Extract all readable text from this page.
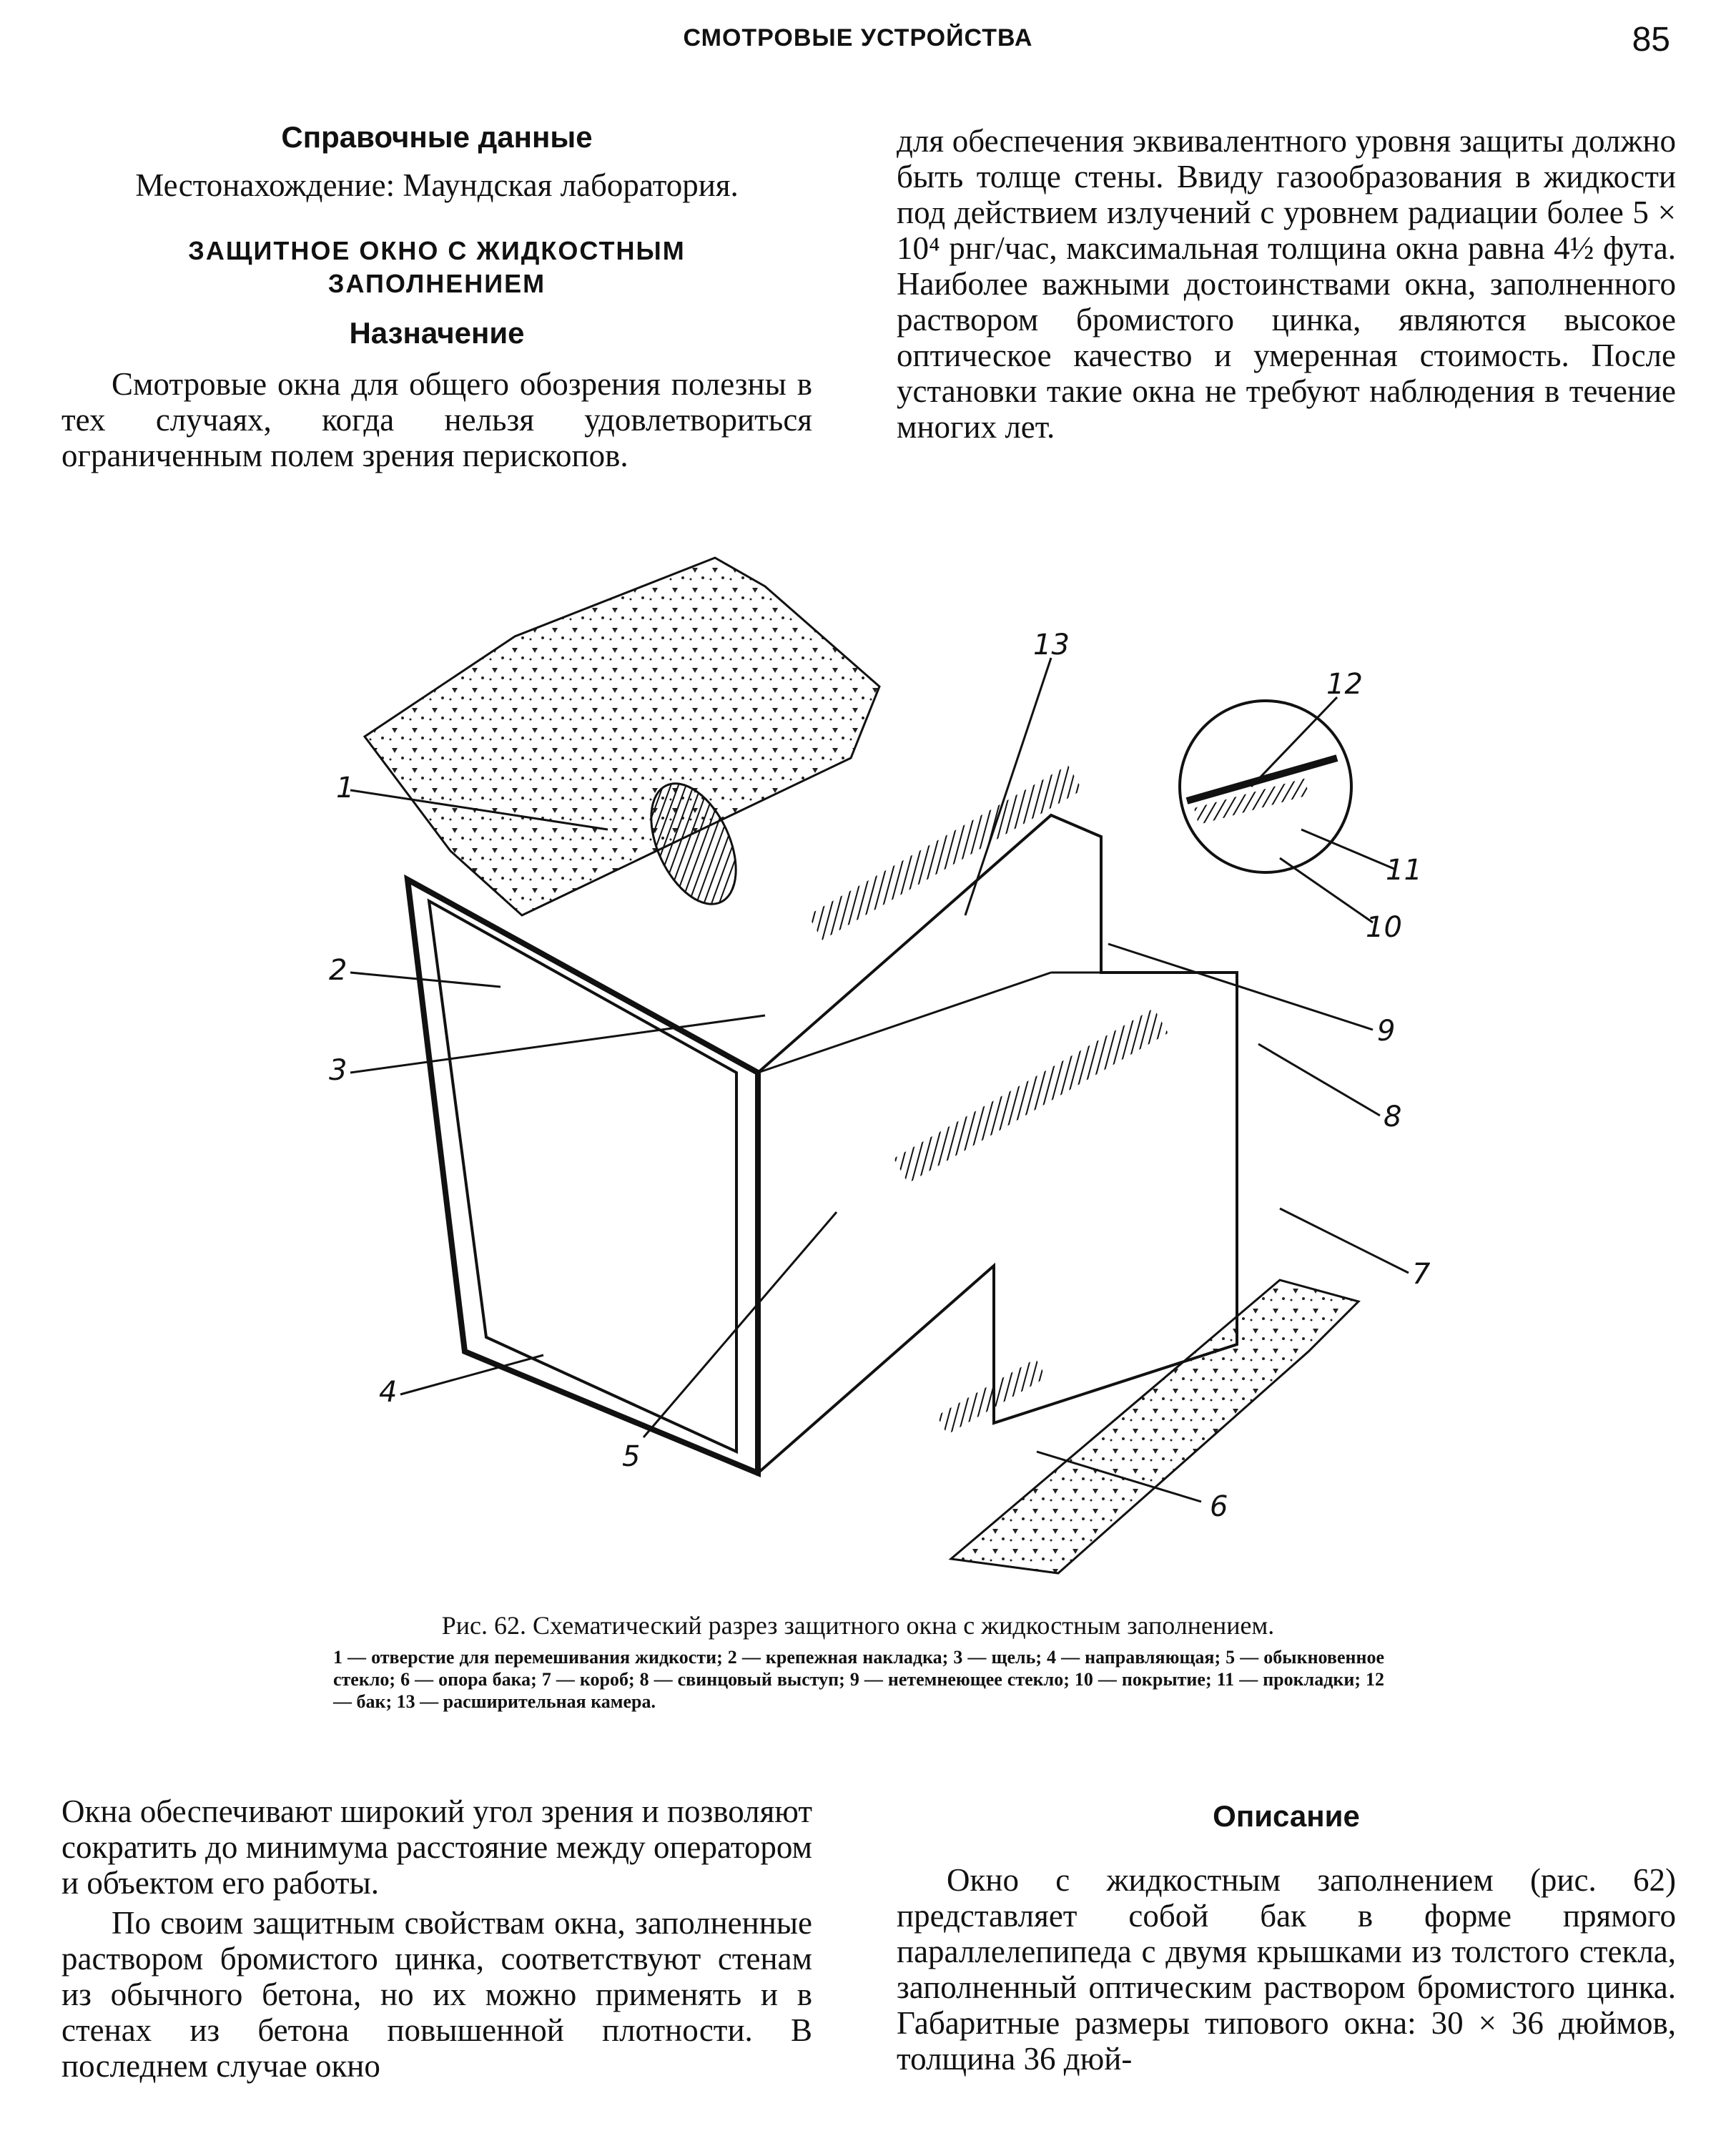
СМОТРОВЫЕ УСТРОЙСТВА	85

Справочные данные

Местонахождение: Маундская лаборатория.

ЗАЩИТНОЕ ОКНО С ЖИДКОСТНЫМ ЗАПОЛНЕНИЕМ

Назначение

Смотровые окна для общего обозрения полезны в тех случаях, когда нельзя удовлетвориться ограниченным полем зрения перископов.

для обеспечения эквивалентного уровня защиты должно быть толще стены. Ввиду газообразования в жидкости под действием излучений с уровнем радиации более 5 × 10⁴ рнг/час, максимальная толщина окна равна 4½ фута. Наиболее важными достоинствами окна, заполненного раствором бромистого цинка, являются высокое оптическое качество и умеренная стоимость. После установки такие окна не требуют наблюдения в течение многих лет.

1
2
3
4
5
6
7
8
9
10
11
12
13
Рис. 62. Схематический разрез защитного окна с жидкостным заполнением.
1 — отверстие для перемешивания жидкости; 2 — крепежная накладка; 3 — щель; 4 — направляющая; 5 — обыкновенное стекло; 6 — опора бака; 7 — короб; 8 — свинцовый выступ; 9 — нетемнеющее стекло; 10 — покрытие; 11 — прокладки; 12 — бак; 13 — расширительная камера.

Окна обеспечивают широкий угол зрения и позволяют сократить до минимума расстояние между оператором и объектом его работы.

По своим защитным свойствам окна, заполненные раствором бромистого цинка, соответствуют стенам из обычного бетона, но их можно применять и в стенах из бетона повышенной плотности. В последнем случае окно

Описание

Окно с жидкостным заполнением (рис. 62) представляет собой бак в форме прямого параллелепипеда с двумя крышками из толстого стекла, заполненный оптическим раствором бромистого цинка. Габаритные размеры типового окна: 30 × 36 дюймов, толщина 36 дюй-
